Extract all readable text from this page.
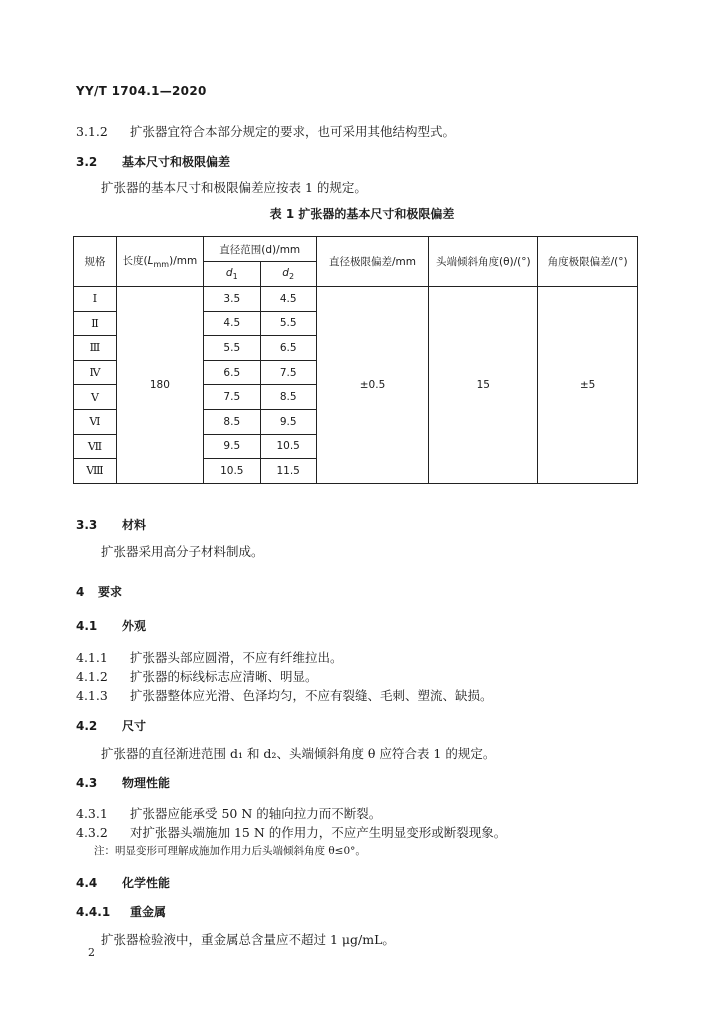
YY/T 1704.1—2020
3.1.2 扩张器宜符合本部分规定的要求，也可采用其他结构型式。
3.2 基本尺寸和极限偏差
扩张器的基本尺寸和极限偏差应按表 1 的规定。
表 1 扩张器的基本尺寸和极限偏差
规格	长度$(L_{mm})/mm$	直径范围(d)/mm		直径极限偏差/mm	头端倾斜角度(θ)/(°)	角度极限偏差/(°)
		$d_1$	$d_2$
Ⅰ	180	3.5	4.5	±0.5	15	±5
Ⅱ		4.5	5.5			
Ⅲ		5.5	6.5			
Ⅳ		6.5	7.5			
Ⅴ		7.5	8.5			
Ⅵ		8.5	9.5			
Ⅶ		9.5	10.5			
Ⅷ		10.5	11.5			
3.3 材料
扩张器采用高分子材料制成。
4 要求
4.1 外观
4.1.1 扩张器头部应圆滑，不应有纤维拉出。
4.1.2 扩张器的标线标志应清晰、明显。
4.1.3 扩张器整体应光滑、色泽均匀，不应有裂缝、毛刺、塑流、缺损。
4.2 尺寸
扩张器的直径渐进范围 d₁ 和 d₂、头端倾斜角度 θ 应符合表 1 的规定。
4.3 物理性能
4.3.1 扩张器应能承受 50 N 的轴向拉力而不断裂。
4.3.2 对扩张器头端施加 15 N 的作用力，不应产生明显变形或断裂现象。
注：明显变形可理解成施加作用力后头端倾斜角度 θ≤0°。
4.4 化学性能
4.4.1 重金属
扩张器检验液中，重金属总含量应不超过 1 μg/mL。
2
